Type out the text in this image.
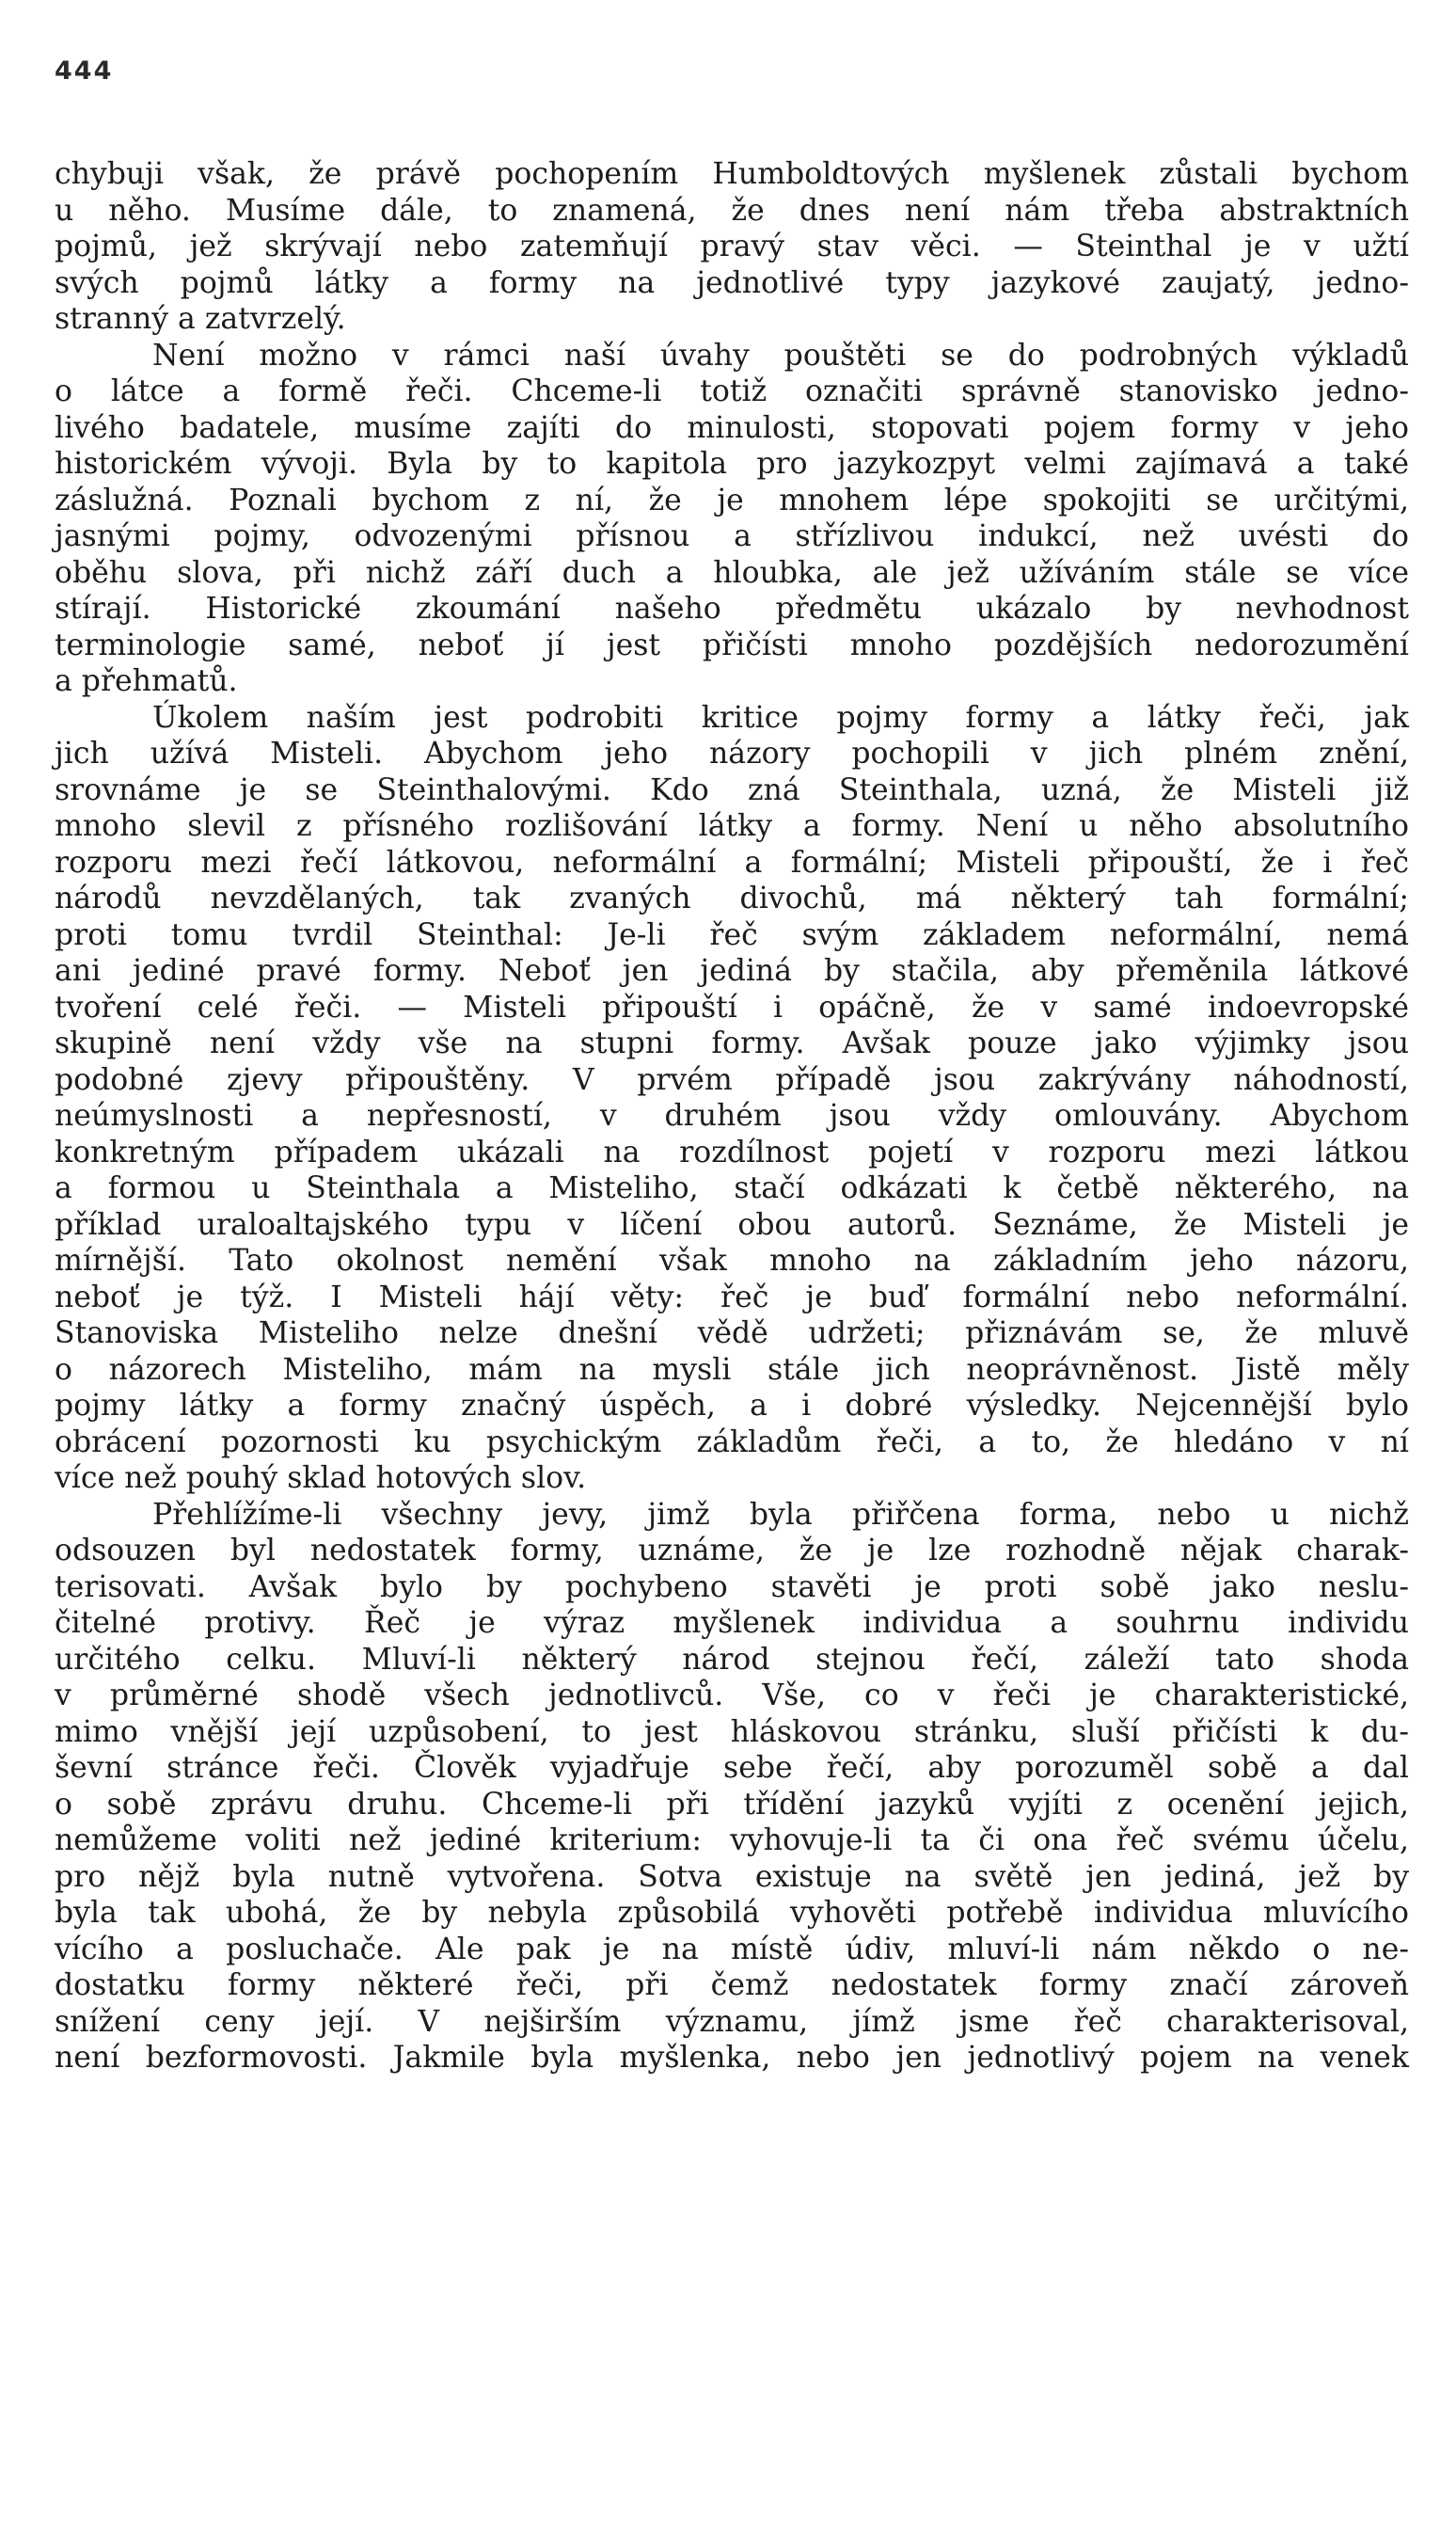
444
chybuji však, že právě pochopením Humboldtových myšlenek zůstali bychom
u něho. Musíme dále, to znamená, že dnes není nám třeba abstraktních
pojmů, jež skrývají nebo zatemňují pravý stav věci. — Steinthal je v užtí
svých pojmů látky a formy na jednotlivé typy jazykové zaujatý, jedno-
stranný a zatvrzelý.
Není možno v rámci naší úvahy pouštěti se do podrobných výkladů
o látce a formě řeči. Chceme-li totiž označiti správně stanovisko jedno-
livého badatele, musíme zajíti do minulosti, stopovati pojem formy v jeho
historickém vývoji. Byla by to kapitola pro jazykozpyt velmi zajímavá a také
záslužná. Poznali bychom z ní, že je mnohem lépe spokojiti se určitými,
jasnými pojmy, odvozenými přísnou a střízlivou indukcí, než uvésti do
oběhu slova, při nichž září duch a hloubka, ale jež užíváním stále se více
stírají. Historické zkoumání našeho předmětu ukázalo by nevhodnost
terminologie samé, neboť jí jest přičísti mnoho pozdějších nedorozumění
a přehmatů.
Úkolem naším jest podrobiti kritice pojmy formy a látky řeči, jak
jich užívá Misteli. Abychom jeho názory pochopili v jich plném znění,
srovnáme je se Steinthalovými. Kdo zná Steinthala, uzná, že Misteli již
mnoho slevil z přísného rozlišování látky a formy. Není u něho absolutního
rozporu mezi řečí látkovou, neformální a formální; Misteli připouští, že i řeč
národů nevzdělaných, tak zvaných divochů, má některý tah formální;
proti tomu tvrdil Steinthal: Je-li řeč svým základem neformální, nemá
ani jediné pravé formy. Neboť jen jediná by stačila, aby přeměnila látkové
tvoření celé řeči. — Misteli připouští i opáčně, že v samé indoevropské
skupině není vždy vše na stupni formy. Avšak pouze jako výjimky jsou
podobné zjevy připouštěny. V prvém případě jsou zakrývány náhodností,
neúmyslnosti a nepřesností, v druhém jsou vždy omlouvány. Abychom
konkretným případem ukázali na rozdílnost pojetí v rozporu mezi látkou
a formou u Steinthala a Misteliho, stačí odkázati k četbě některého, na
příklad uraloaltajského typu v líčení obou autorů. Seznáme, že Misteli je
mírnější. Tato okolnost nemění však mnoho na základním jeho názoru,
neboť je týž. I Misteli hájí věty: řeč je buď formální nebo neformální.
Stanoviska Misteliho nelze dnešní vědě udržeti; přiznávám se, že mluvě
o názorech Misteliho, mám na mysli stále jich neoprávněnost. Jistě měly
pojmy látky a formy značný úspěch, a i dobré výsledky. Nejcennější bylo
obrácení pozornosti ku psychickým základům řeči, a to, že hledáno v ní
více než pouhý sklad hotových slov.
Přehlížíme-li všechny jevy, jimž byla přiřčena forma, nebo u nichž
odsouzen byl nedostatek formy, uznáme, že je lze rozhodně nějak charak-
terisovati. Avšak bylo by pochybeno stavěti je proti sobě jako neslu-
čitelné protivy. Řeč je výraz myšlenek individua a souhrnu individu
určitého celku. Mluví-li některý národ stejnou řečí, záleží tato shoda
v průměrné shodě všech jednotlivců. Vše, co v řeči je charakteristické,
mimo vnější její uzpůsobení, to jest hláskovou stránku, sluší přičísti k du-
ševní stránce řeči. Člověk vyjadřuje sebe řečí, aby porozuměl sobě a dal
o sobě zprávu druhu. Chceme-li při třídění jazyků vyjíti z ocenění jejich,
nemůžeme voliti než jediné kriterium: vyhovuje-li ta či ona řeč svému účelu,
pro nějž byla nutně vytvořena. Sotva existuje na světě jen jediná, jež by
byla tak ubohá, že by nebyla způsobilá vyhověti potřebě individua mluvícího
vícího a posluchače. Ale pak je na místě údiv, mluví-li nám někdo o ne-
dostatku formy některé řeči, při čemž nedostatek formy značí zároveň
snížení ceny její. V nejširším významu, jímž jsme řeč charakterisoval,
není bezformovosti. Jakmile byla myšlenka, nebo jen jednotlivý pojem na venek
